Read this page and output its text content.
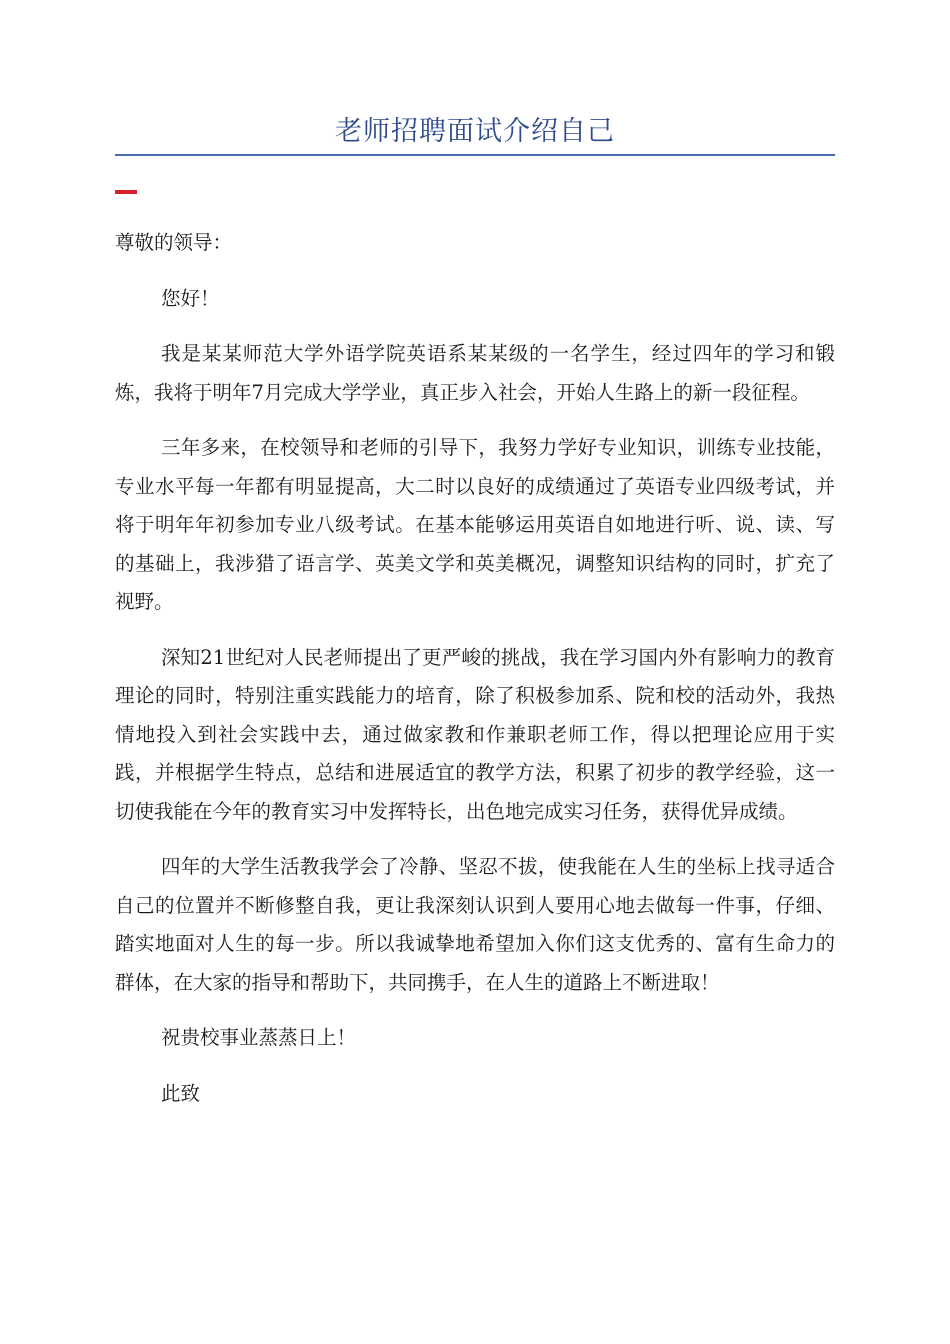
老师招聘面试介绍自己

尊敬的领导：

您好！

我是某某师范大学外语学院英语系某某级的一名学生，经过四年的学习和锻炼，我将于明年7月完成大学学业，真正步入社会，开始人生路上的新一段征程。

三年多来，在校领导和老师的引导下，我努力学好专业知识，训练专业技能，专业水平每一年都有明显提高，大二时以良好的成绩通过了英语专业四级考试，并将于明年年初参加专业八级考试。在基本能够运用英语自如地进行听、说、读、写的基础上，我涉猎了语言学、英美文学和英美概况，调整知识结构的同时，扩充了视野。

深知21世纪对人民老师提出了更严峻的挑战，我在学习国内外有影响力的教育理论的同时，特别注重实践能力的培育，除了积极参加系、院和校的活动外，我热情地投入到社会实践中去，通过做家教和作兼职老师工作，得以把理论应用于实践，并根据学生特点，总结和进展适宜的教学方法，积累了初步的教学经验，这一切使我能在今年的教育实习中发挥特长，出色地完成实习任务，获得优异成绩。

四年的大学生活教我学会了冷静、坚忍不拔，使我能在人生的坐标上找寻适合自己的位置并不断修整自我，更让我深刻认识到人要用心地去做每一件事，仔细、踏实地面对人生的每一步。所以我诚挚地希望加入你们这支优秀的、富有生命力的群体，在大家的指导和帮助下，共同携手，在人生的道路上不断进取！

祝贵校事业蒸蒸日上！

此致
